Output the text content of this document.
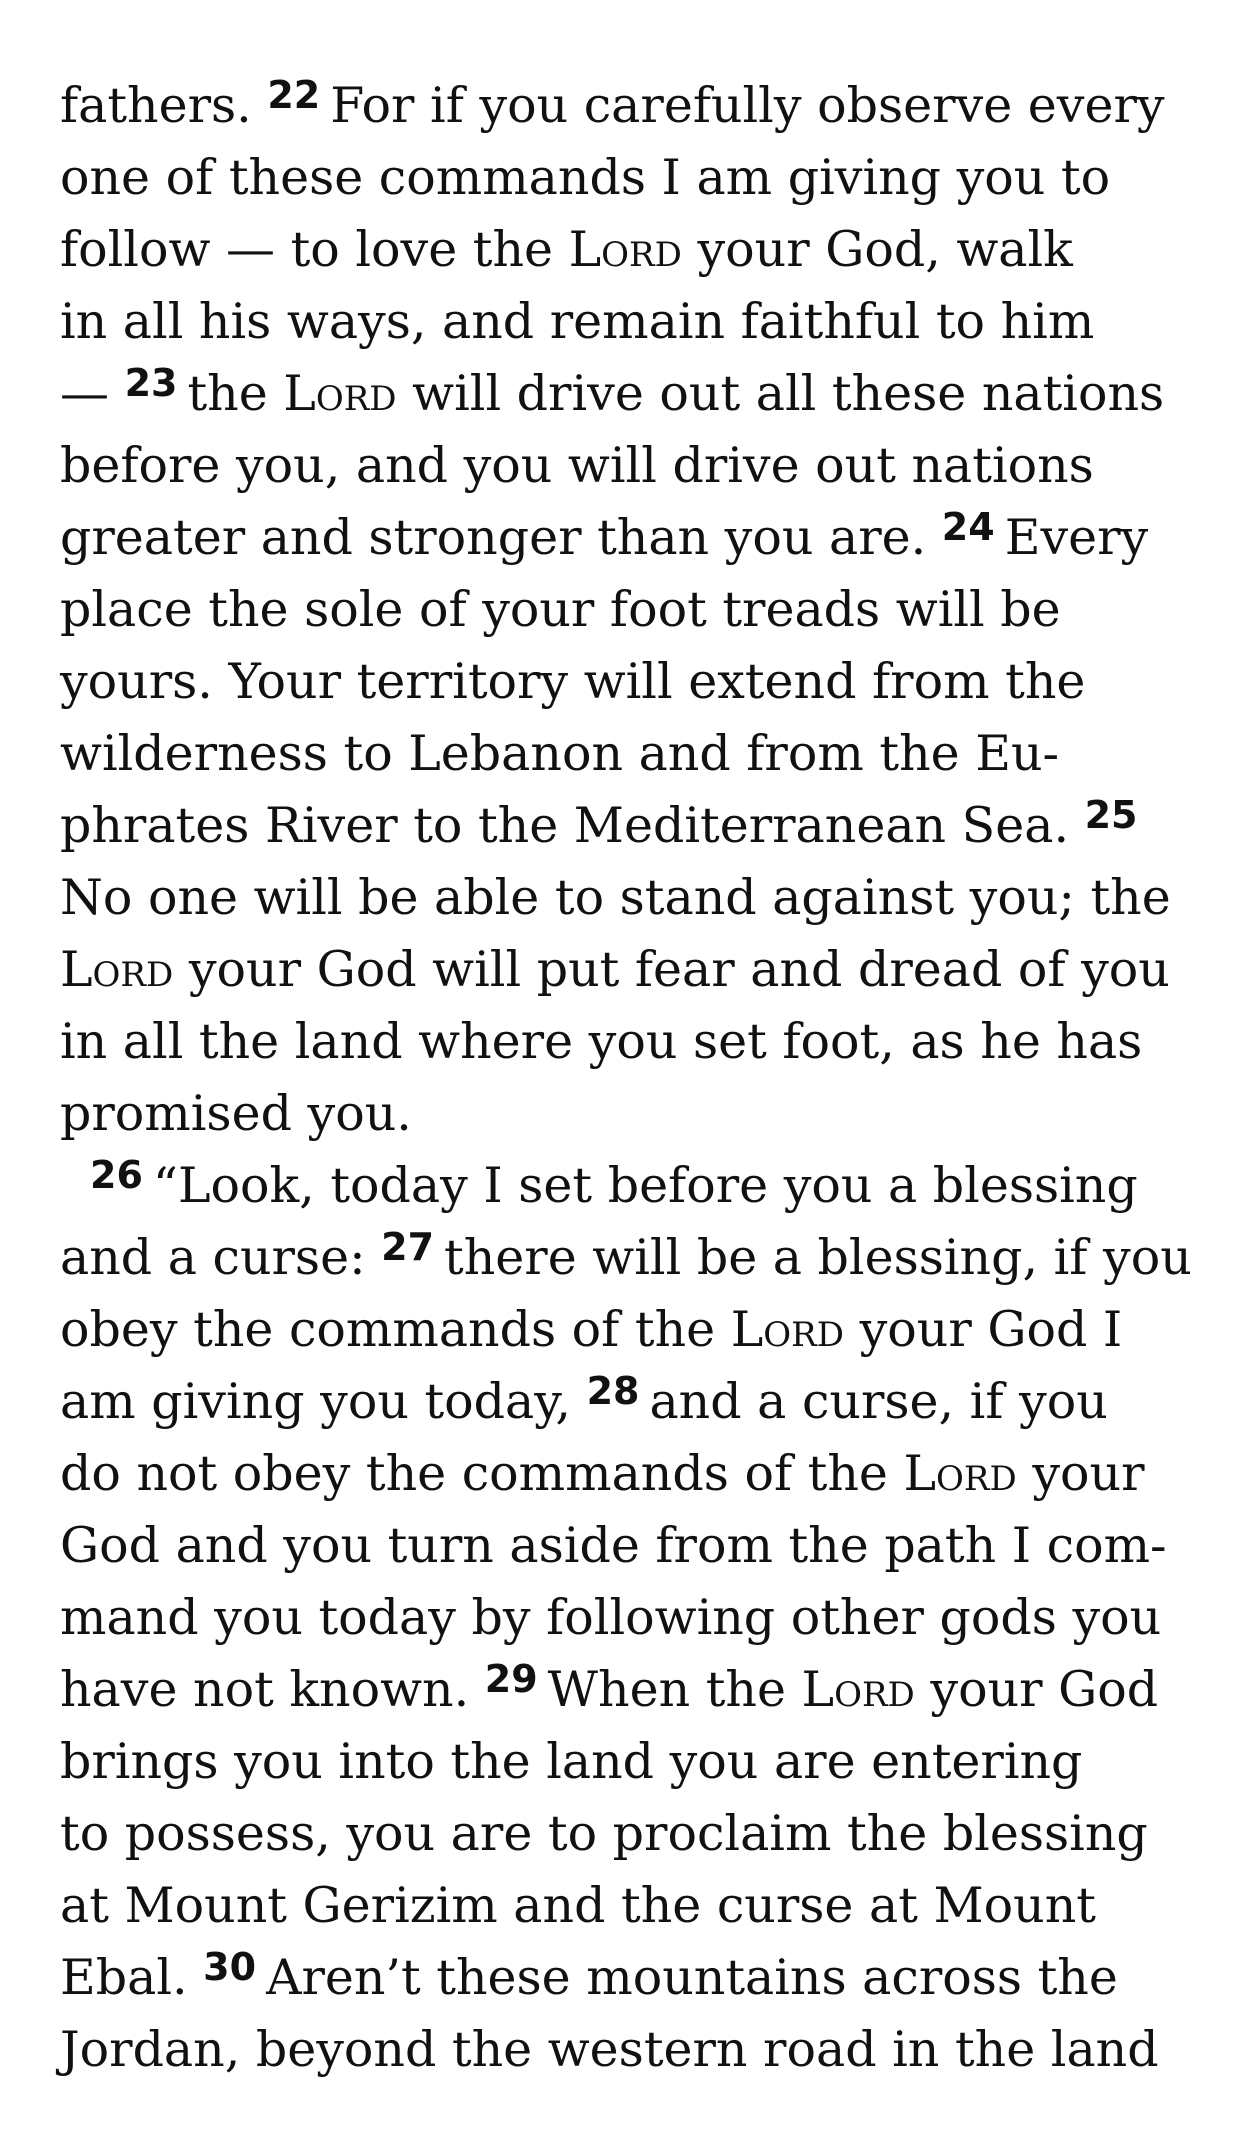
fathers. $^{22}$ For if you carefully observe every
one of these commands I am giving you to
follow — to love the Lord your God, walk
in all his ways, and remain faithful to him
— $^{23}$ the Lord will drive out all these nations
before you, and you will drive out nations
greater and stronger than you are. $^{24}$ Every
place the sole of your foot treads will be
yours. Your territory will extend from the
wilderness to Lebanon and from the Eu-
phrates River to the Mediterranean Sea. $^{25}$
No one will be able to stand against you; the
Lord your God will put fear and dread of you
in all the land where you set foot, as he has
promised you.
$^{26}$ “Look, today I set before you a blessing
and a curse: $^{27}$ there will be a blessing, if you
obey the commands of the Lord your God I
am giving you today, $^{28}$ and a curse, if you
do not obey the commands of the Lord your
God and you turn aside from the path I com-
mand you today by following other gods you
have not known. $^{29}$ When the Lord your God
brings you into the land you are entering
to possess, you are to proclaim the blessing
at Mount Gerizim and the curse at Mount
Ebal. $^{30}$ Aren’t these mountains across the
Jordan, beyond the western road in the land
